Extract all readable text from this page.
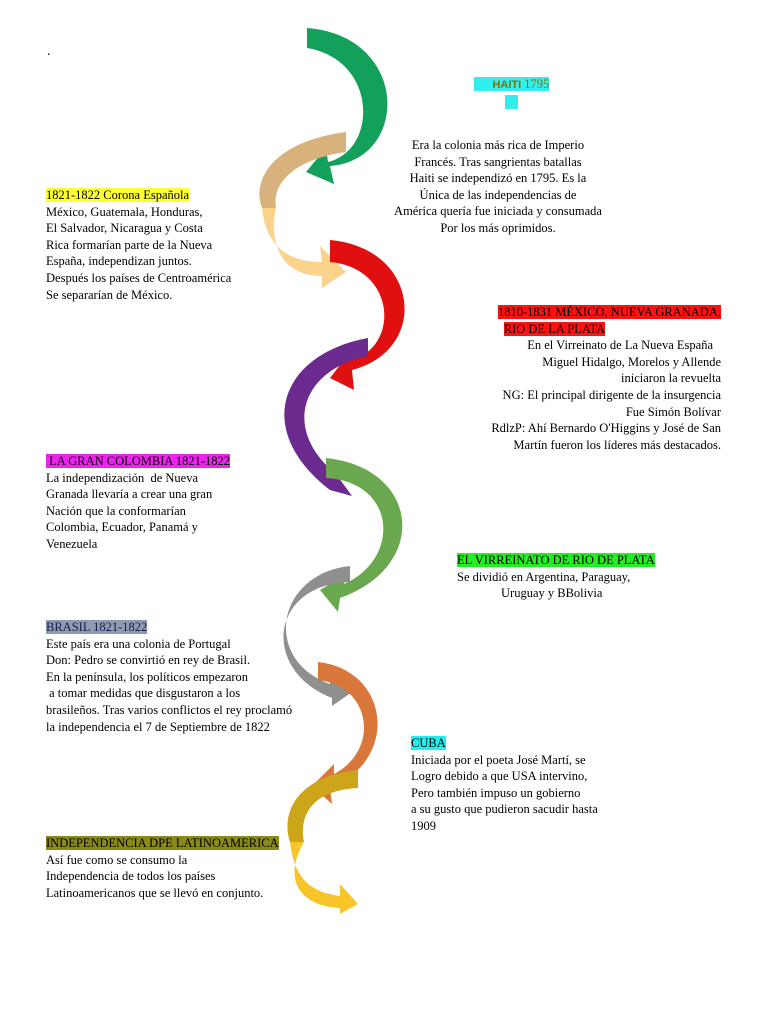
.

HAITI 1795

Era la colonia más rica de Imperio
Francés. Tras sangrientas batallas
Haiti se independizó en 1795. Es la
Única de las independencias de
América quería fue iniciada y consumada
Por los más oprimidos.
1821-1822 Corona Española
México, Guatemala, Honduras,
El Salvador, Nicaragua y Costa
Rica formarían parte de la Nueva
España, independizan juntos.
Después los países de Centroamérica
Se separarían de México.
1810-1831 MÉXICO, NUEVA GRANADA,
RIO DE LA PLATA
En el Virreinato de La Nueva España
Miguel Hidalgo, Morelos y Allende
iniciaron la revuelta
NG: El principal dirigente de la insurgencia
Fue Simón Bolívar
RdlzP: Ahí Bernardo O'Higgins y José de San
Martín fueron los líderes más destacados.
LA GRAN COLOMBIA 1821-1822
La independización  de Nueva
Granada llevaría a crear una gran
Nación que la conformarían
Colombia, Ecuador, Panamá y
Venezuela
EL VIRREINATO DE RIO DE PLATA
Se dividió en Argentina, Paraguay,
Uruguay y BBolivia
BRASIL 1821-1822
Este país era una colonia de Portugal
Don: Pedro se convirtió en rey de Brasil.
En la península, los políticos empezaron
a tomar medidas que disgustaron a los
brasileños. Tras varios conflictos el rey proclamó
la independencia el 7 de Septiembre de 1822
CUBA
Iniciada por el poeta José Martí, se
Logro debido a que USA intervino,
Pero también impuso un gobierno
a su gusto que pudieron sacudir hasta
1909
INDEPENDENCIA DPE LATINOAMERICA
Así fue como se consumo la
Independencia de todos los países
Latinoamericanos que se llevó en conjunto.
